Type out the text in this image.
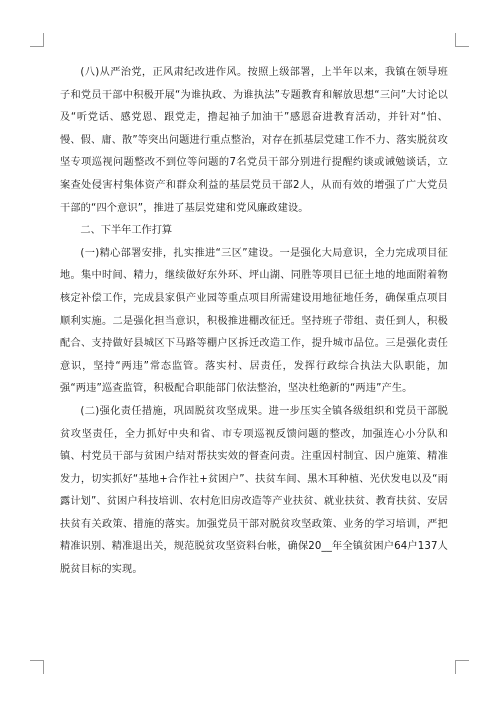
(八)从严治党，正风肃纪改进作风。按照上级部署，上半年以来，我镇在领导班子和党员干部中积极开展“为谁执政、为谁执法”专题教育和解放思想“三问”大讨论以及“听党话、感党恩、跟党走，撸起袖子加油干”感恩奋进教育活动，并针对“怕、慢、假、庸、散”等突出问题进行重点整治，对存在抓基层党建工作不力、落实脱贫攻坚专项巡视问题整改不到位等问题的7名党员干部分别进行提醒约谈或诫勉谈话，立案查处侵害村集体资产和群众利益的基层党员干部2人，从而有效的增强了广大党员干部的“四个意识”，推进了基层党建和党风廉政建设。

二、下半年工作打算

(一)精心部署安排，扎实推进“三区”建设。一是强化大局意识，全力完成项目征地。集中时间、精力，继续做好东外环、坪山湖、同胜等项目已征土地的地面附着物核定补偿工作，完成县家俱产业园等重点项目所需建设用地征地任务，确保重点项目顺利实施。二是强化担当意识，积极推进棚改征迁。坚持班子带组、责任到人，积极配合、支持做好县城区下马路等棚户区拆迁改造工作，提升城市品位。三是强化责任意识，坚持“两违”常态监管。落实村、居责任，发挥行政综合执法大队职能，加强“两违”巡查监管，积极配合职能部门依法整治，坚决杜绝新的“两违”产生。

(二)强化责任措施，巩固脱贫攻坚成果。进一步压实全镇各级组织和党员干部脱贫攻坚责任，全力抓好中央和省、市专项巡视反馈问题的整改，加强连心小分队和镇、村党员干部与贫困户结对帮扶实效的督查问责。注重因村制宜、因户施策、精准发力，切实抓好“基地+合作社+贫困户”、扶贫车间、黑木耳种植、光伏发电以及“雨露计划”、贫困户科技培训、农村危旧房改造等产业扶贫、就业扶贫、教育扶贫、安居扶贫有关政策、措施的落实。加强党员干部对脱贫攻坚政策、业务的学习培训，严把精准识别、精准退出关，规范脱贫攻坚资料台帐，确保20__年全镇贫困户64户137人脱贫目标的实现。
